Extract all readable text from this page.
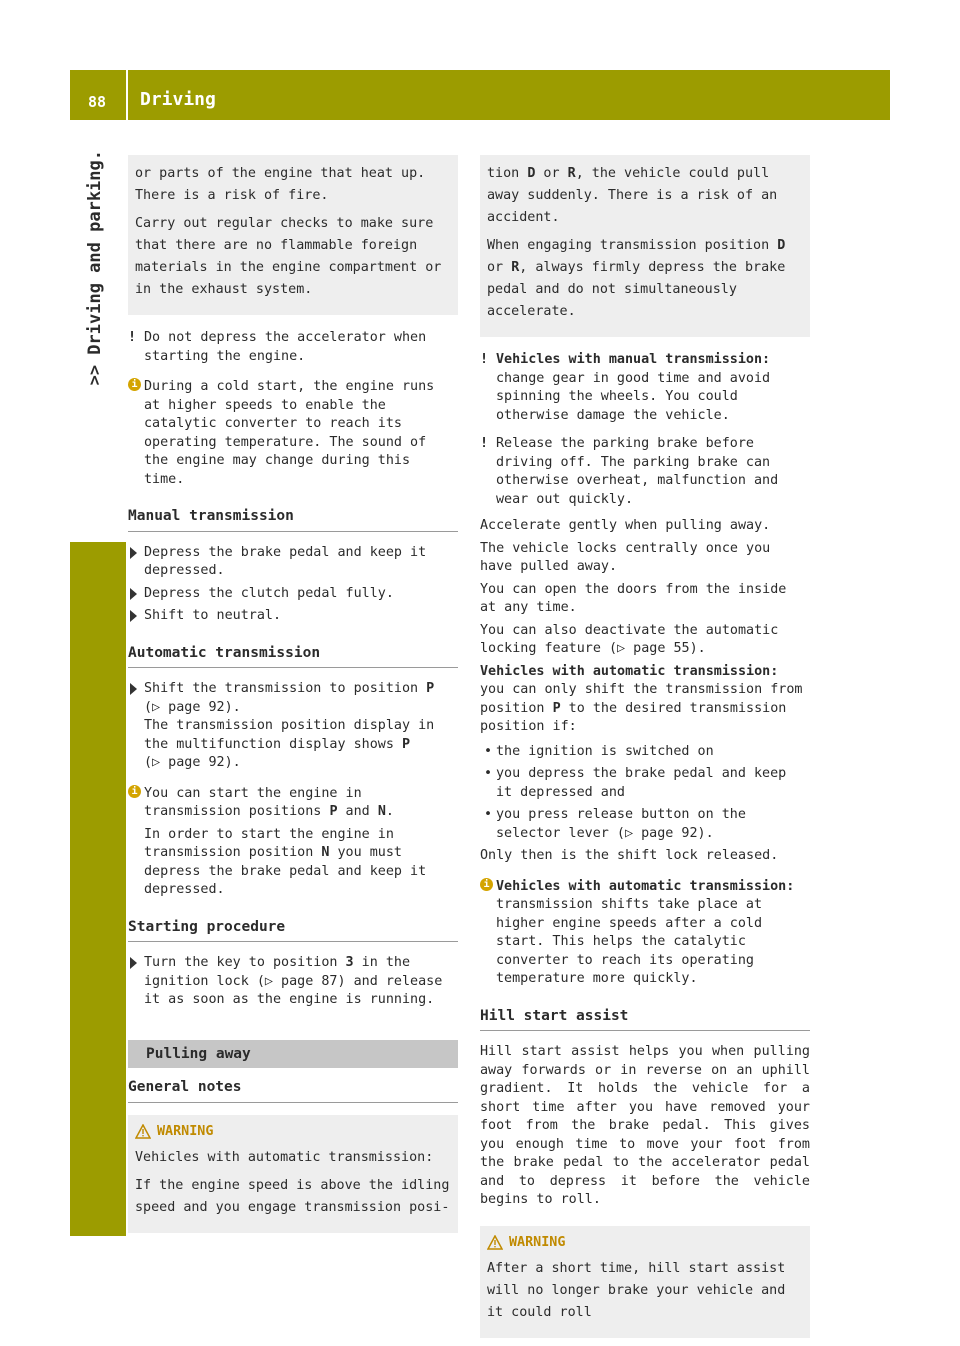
88 Driving
>> Driving and parking. or parts of the engine that heat up. There is a risk of fire.

Carry out regular checks to make sure that there are no flammable foreign materials in the engine compartment or in the exhaust system.

! Do not depress the accelerator when starting the engine.
i During a cold start, the engine runs at higher speeds to enable the catalytic converter to reach its operating temperature. The sound of the engine may change during this time.
Manual transmission
Depress the brake pedal and keep it depressed.
Depress the clutch pedal fully.
Shift to neutral.
Automatic transmission
Shift the transmission to position P
(▷ page 92).
The transmission position display in the multifunction display shows P
(▷ page 92).
i You can start the engine in transmission positions P and N.

In order to start the engine in transmission position N you must depress the brake pedal and keep it depressed.

Starting procedure
Turn the key to position 3 in the ignition lock (▷ page 87) and release it as soon as the engine is running.
Pulling away
General notes
WARNING

Vehicles with automatic transmission:

If the engine speed is above the idling speed and you engage transmission posi-

tion D or R, the vehicle could pull away suddenly. There is a risk of an accident.

When engaging transmission position D or R, always firmly depress the brake pedal and do not simultaneously accelerate.

! Vehicles with manual transmission: change gear in good time and avoid spinning the wheels. You could otherwise damage the vehicle.
! Release the parking brake before driving off. The parking brake can otherwise overheat, malfunction and wear out quickly.

Accelerate gently when pulling away.

The vehicle locks centrally once you have pulled away.

You can open the doors from the inside at any time.

You can also deactivate the automatic locking feature (▷ page 55).

Vehicles with automatic transmission: you can only shift the transmission from position P to the desired transmission position if:

• the ignition is switched on
• you depress the brake pedal and keep it depressed and
• you press release button on the selector lever (▷ page 92).

Only then is the shift lock released.

i Vehicles with automatic transmission: transmission shifts take place at higher engine speeds after a cold start. This helps the catalytic converter to reach its operating temperature more quickly.
Hill start assist

Hill start assist helps you when pulling away forwards or in reverse on an uphill gradient. It holds the vehicle for a short time after you have removed your foot from the brake pedal. This gives you enough time to move your foot from the brake pedal to the accelerator pedal and to depress it before the vehicle begins to roll.

WARNING

After a short time, hill start assist will no longer brake your vehicle and it could roll
